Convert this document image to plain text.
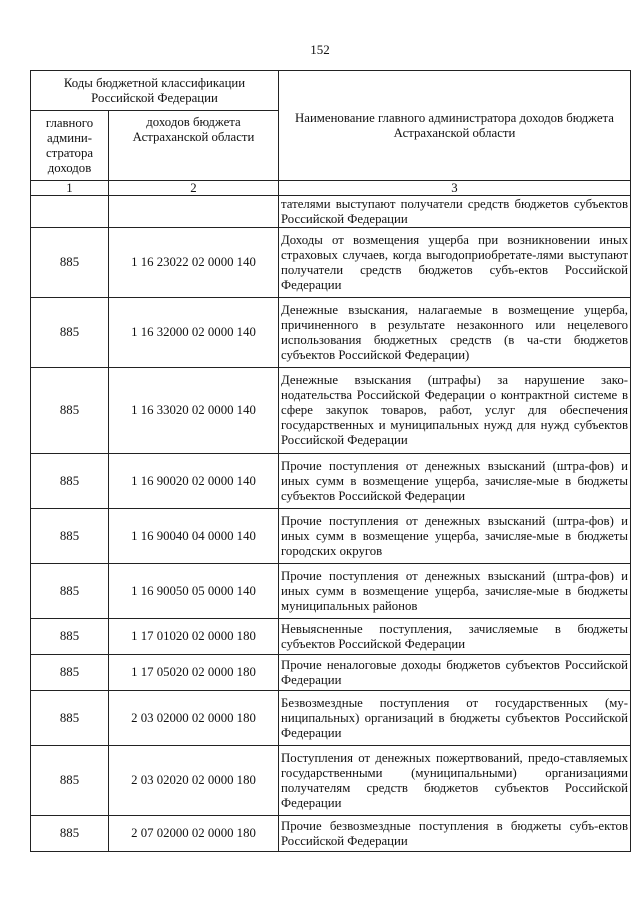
152
Коды бюджетной классификации Российской Федерации		Наименование главного администратора доходов бюджета Астраханской области
главного админи-стратора доходов	доходов бюджета Астраханской области	
1	2	3
		тателями выступают получатели средств бюджетов субъектов Российской Федерации
885	1 16 23022 02 0000 140	Доходы от возмещения ущерба при возникновении иных страховых случаев, когда выгодоприобретате-лями выступают получатели средств бюджетов субъ-ектов Российской Федерации
885	1 16 32000 02 0000 140	Денежные взыскания, налагаемые в возмещение ущерба, причиненного в результате незаконного или нецелевого использования бюджетных средств (в ча-сти бюджетов субъектов Российской Федерации)
885	1 16 33020 02 0000 140	Денежные взыскания (штрафы) за нарушение зако-нодательства Российской Федерации о контрактной системе в сфере закупок товаров, работ, услуг для обеспечения государственных и муниципальных нужд для нужд субъектов Российской Федерации
885	1 16 90020 02 0000 140	Прочие поступления от денежных взысканий (штра-фов) и иных сумм в возмещение ущерба, зачисляе-мые в бюджеты субъектов Российской Федерации
885	1 16 90040 04 0000 140	Прочие поступления от денежных взысканий (штра-фов) и иных сумм в возмещение ущерба, зачисляе-мые в бюджеты городских округов
885	1 16 90050 05 0000 140	Прочие поступления от денежных взысканий (штра-фов) и иных сумм в возмещение ущерба, зачисляе-мые в бюджеты муниципальных районов
885	1 17 01020 02 0000 180	Невыясненные поступления, зачисляемые в бюджеты субъектов Российской Федерации
885	1 17 05020 02 0000 180	Прочие неналоговые доходы бюджетов субъектов Российской Федерации
885	2 03 02000 02 0000 180	Безвозмездные поступления от государственных (му-ниципальных) организаций в бюджеты субъектов Российской Федерации
885	2 03 02020 02 0000 180	Поступления от денежных пожертвований, предо-ставляемых государственными (муниципальными) организациями получателям средств бюджетов субъектов Российской Федерации
885	2 07 02000 02 0000 180	Прочие безвозмездные поступления в бюджеты субъ-ектов Российской Федерации
